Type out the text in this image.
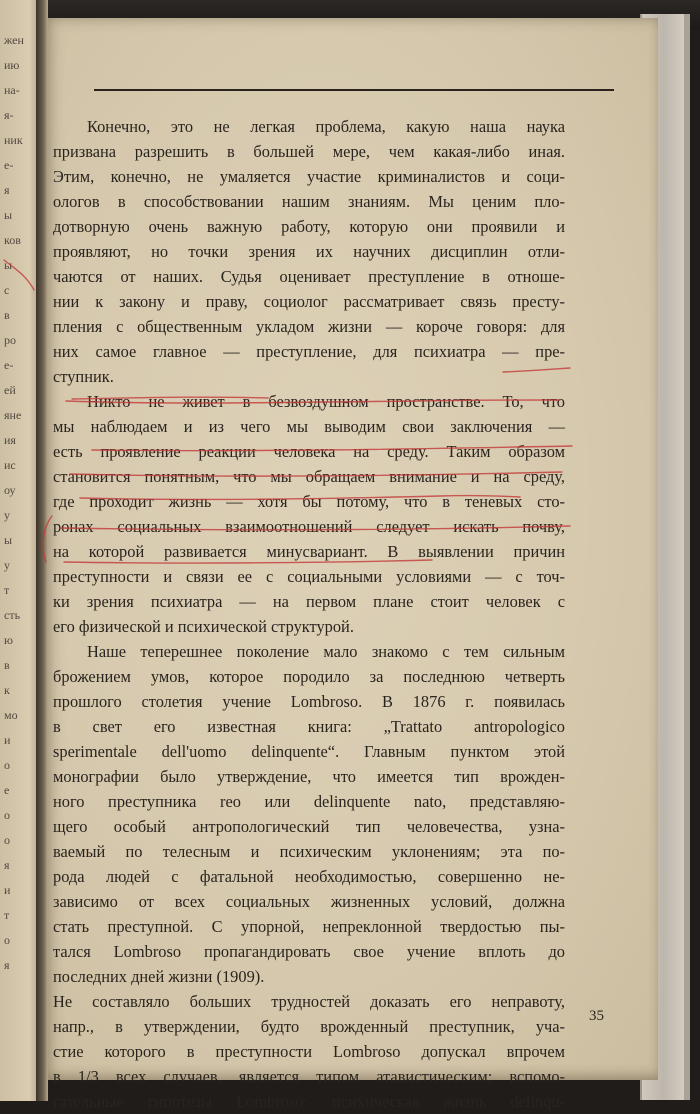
жен
ию
на-
я-
ник
е-
я
ы
ков
ы
с
в
ро
е-
ей
яне
ия
ис
оу
у
ы
у
т
сть
ю
в
к
мо
и
о
е
о
о
я
и
т
о
я
Конечно, это не легкая проблема, какую наша наука
призвана разрешить в большей мере, чем какая-либо иная.
Этим, конечно, не умаляется участие криминалистов и соци-
ологов в способствовании нашим знаниям. Мы ценим пло-
дотворную очень важную работу, которую они проявили и
проявляют, но точки зрения их научних дисциплин отли-
чаются от наших. Судья оценивает преступление в отноше-
нии к закону и праву, социолог рассматривает связь престу-
пления с общественным укладом жизни — короче говоря: для
них самое главное — преступление, для психиатра — пре-
ступник.
Никто не живет в безвоздушном пространстве. То, что
мы наблюдаем и из чего мы выводим свои заключения —
есть проявление реакции человека на среду. Таким образом
становится понятным, что мы обращаем внимание и на среду,
где проходит жизнь — хотя бы потому, что в теневых сто-
ронах социальных взаимоотношений следует искать почву,
на которой развивается минусвариант. В выявлении причин
преступности и связи ее с социальными условиями — с точ-
ки зрения психиатра — на первом плане стоит человек с
его физической и психической структурой.
Наше теперешнее поколение мало знакомо с тем сильным
брожением умов, которое породило за последнюю четверть
прошлого столетия учение Lombroso. В 1876 г. появилась
в свет его известная книга: „Trattato antropologico
sperimentale dell'uomo delinquente“. Главным пунктом этой
монографии было утверждение, что имеется тип врожден-
ного преступника reo или delinquente nato, представляю-
щего особый антропологический тип человечества, узна-
ваемый по телесным и психическим уклонениям; эта по-
рода людей с фатальной необходимостью, совершенно не-
зависимо от всех социальных жизненных условий, должна
стать преступной. С упорной, непреклонной твердостью пы-
тался Lombroso пропагандировать свое учение вплоть до
последних дней жизни (1909).
Не составляло больших трудностей доказать его неправоту,
напр., в утверждении, будто врожденный преступник, уча-
стие которого в преступности Lombroso допускал впрочем
в 1/3 всех случаев, является типом атавистическим; вспомо-
гательные гипотезы Lombroso: психическая жизнь delinqu-
35
